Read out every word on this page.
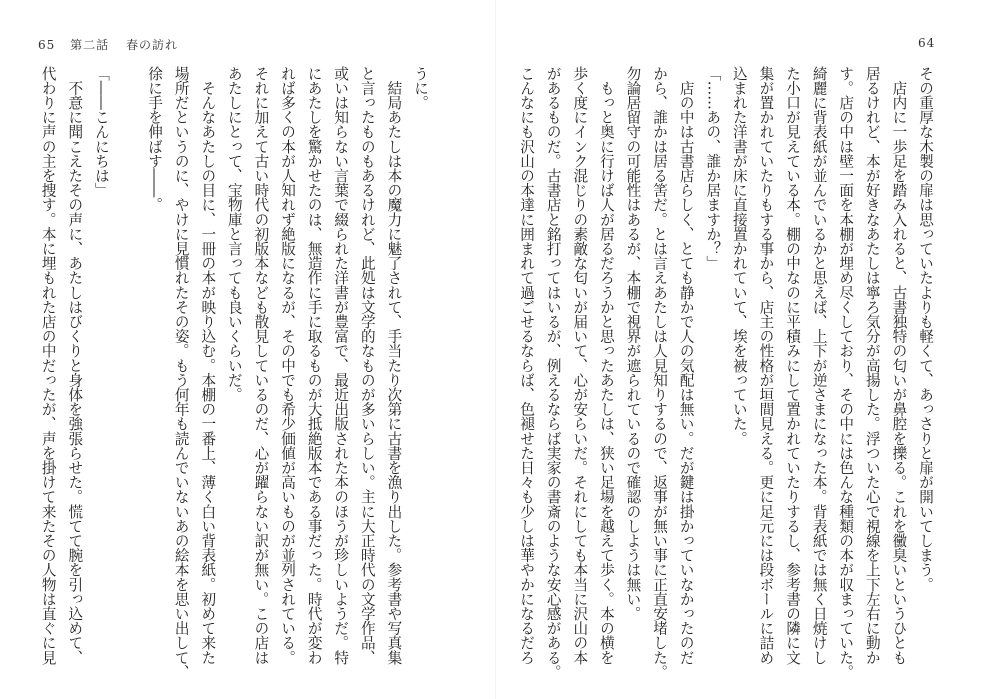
65 第二話 春の訪れ	64
その重厚な木製の扉は思っていたよりも軽くて、あっさりと扉が開いてしまう。
　店内に一歩足を踏み入れると、古書独特の匂いが鼻腔を擽る。これを黴臭いというひとも
居るけれど、本が好きなあたしは寧ろ気分が高揚した。浮ついた心で視線を上下左右に動か
す。店の中は壁一面を本棚が埋め尽くしており、その中には色んな種類の本が収まっていた。
綺麗に背表紙が並んでいるかと思えば、上下が逆さまになった本。背表紙では無く日焼けし
た小口が見えている本。棚の中なのに平積みにして置かれていたりするし、参考書の隣に文
集が置かれていたりもする事から、店主の性格が垣間見える。更に足元には段ボールに詰め
込まれた洋書が床に直接置かれていて、埃を被っていた。
「……あの、誰か居ますか？」
　店の中は古書店らしく、とても静かで人の気配は無い。だが鍵は掛かっていなかったのだ
から、誰かは居る筈だ。とは言えあたしは人見知りするので、返事が無い事に正直安堵した。
勿論居留守の可能性はあるが、本棚で視界が遮られているので確認のしようは無い。
　もっと奥に行けば人が居るだろうかと思ったあたしは、狭い足場を越えて歩く。本の横を
歩く度にインク混じりの素敵な匂いが届いて、心が安らいだ。それにしても本当に沢山の本
があるものだ。古書店と銘打ってはいるが、例えるならば実家の書斎のような安心感がある。
こんなにも沢山の本達に囲まれて過ごせるならば、色褪せた日々も少しは華やかになるだろ
うに。
　結局あたしは本の魔力に魅了されて、手当たり次第に古書を漁り出した。参考書や写真集
と言ったものもあるけれど、此処は文学的なものが多いらしい。主に大正時代の文学作品、
或いは知らない言葉で綴られた洋書が豊富で、最近出版された本のほうが珍しいようだ。特
にあたしを驚かせたのは、無造作に手に取るものが大抵絶版本である事だった。時代が変わ
れば多くの本が人知れず絶版になるが、その中でも希少価値が高いものが並列されている。
それに加えて古い時代の初版本なども散見しているのだ、心が躍らない訳が無い。この店は
あたしにとって、宝物庫と言っても良いくらいだ。
　そんなあたしの目に、一冊の本が映り込む。本棚の一番上、薄く白い背表紙。初めて来た
場所だというのに、やけに見慣れたその姿。もう何年も読んでいないあの絵本を思い出して、
徐に手を伸ばす――。
「――こんにちは」
　不意に聞こえたその声に、あたしはびくりと身体を強張らせた。慌てて腕を引っ込めて、
代わりに声の主を捜す。本に埋もれた店の中だったが、声を掛けて来たその人物は直ぐに見
